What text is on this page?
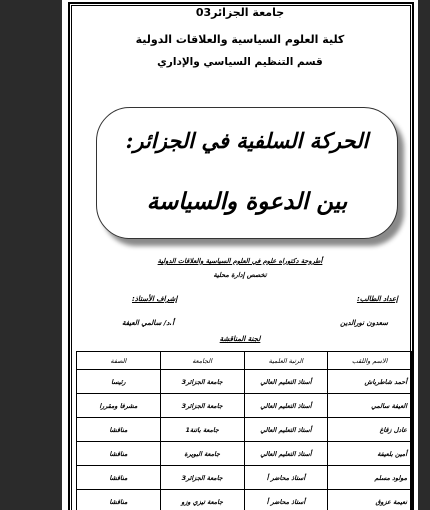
جامعة الجزائر03
كلية العلوم السياسية والعلاقات الدولية
قسم التنظيم السياسي والإداري
الحركة السلفية في الجزائر:
بين الدعوة والسياسة
أطروحة دكتوراه علوم في العلوم السياسية والعلاقات الدولية
تخصص إدارة محلية
إعداد الطالب:
إشراف الأستاذ:
سعدون نورالدين
أ.د/ سالمي العيفة
لجنة المناقشة
الاسم واللقب	الرتبة العلمية	الجامعة	الصفة
أحمد شاطرباش	أستاذ التعليم العالي	جامعة الجزائر3	رئيسا
العيفة سالمي	أستاذ التعليم العالي	جامعة الجزائر3	مشرفا ومقررا
عادل زقاغ	أستاذ التعليم العالي	جامعة باتنة1	مناقشا
أمين بلعيفة	أستاذ التعليم العالي	جامعة البويرة	مناقشا
مولود مسلم	أستاذ محاضر أ	جامعة الجزائر3	مناقشا
نعيمة عزوق	أستاذ محاضر أ	جامعة تيزي وزو	مناقشا
